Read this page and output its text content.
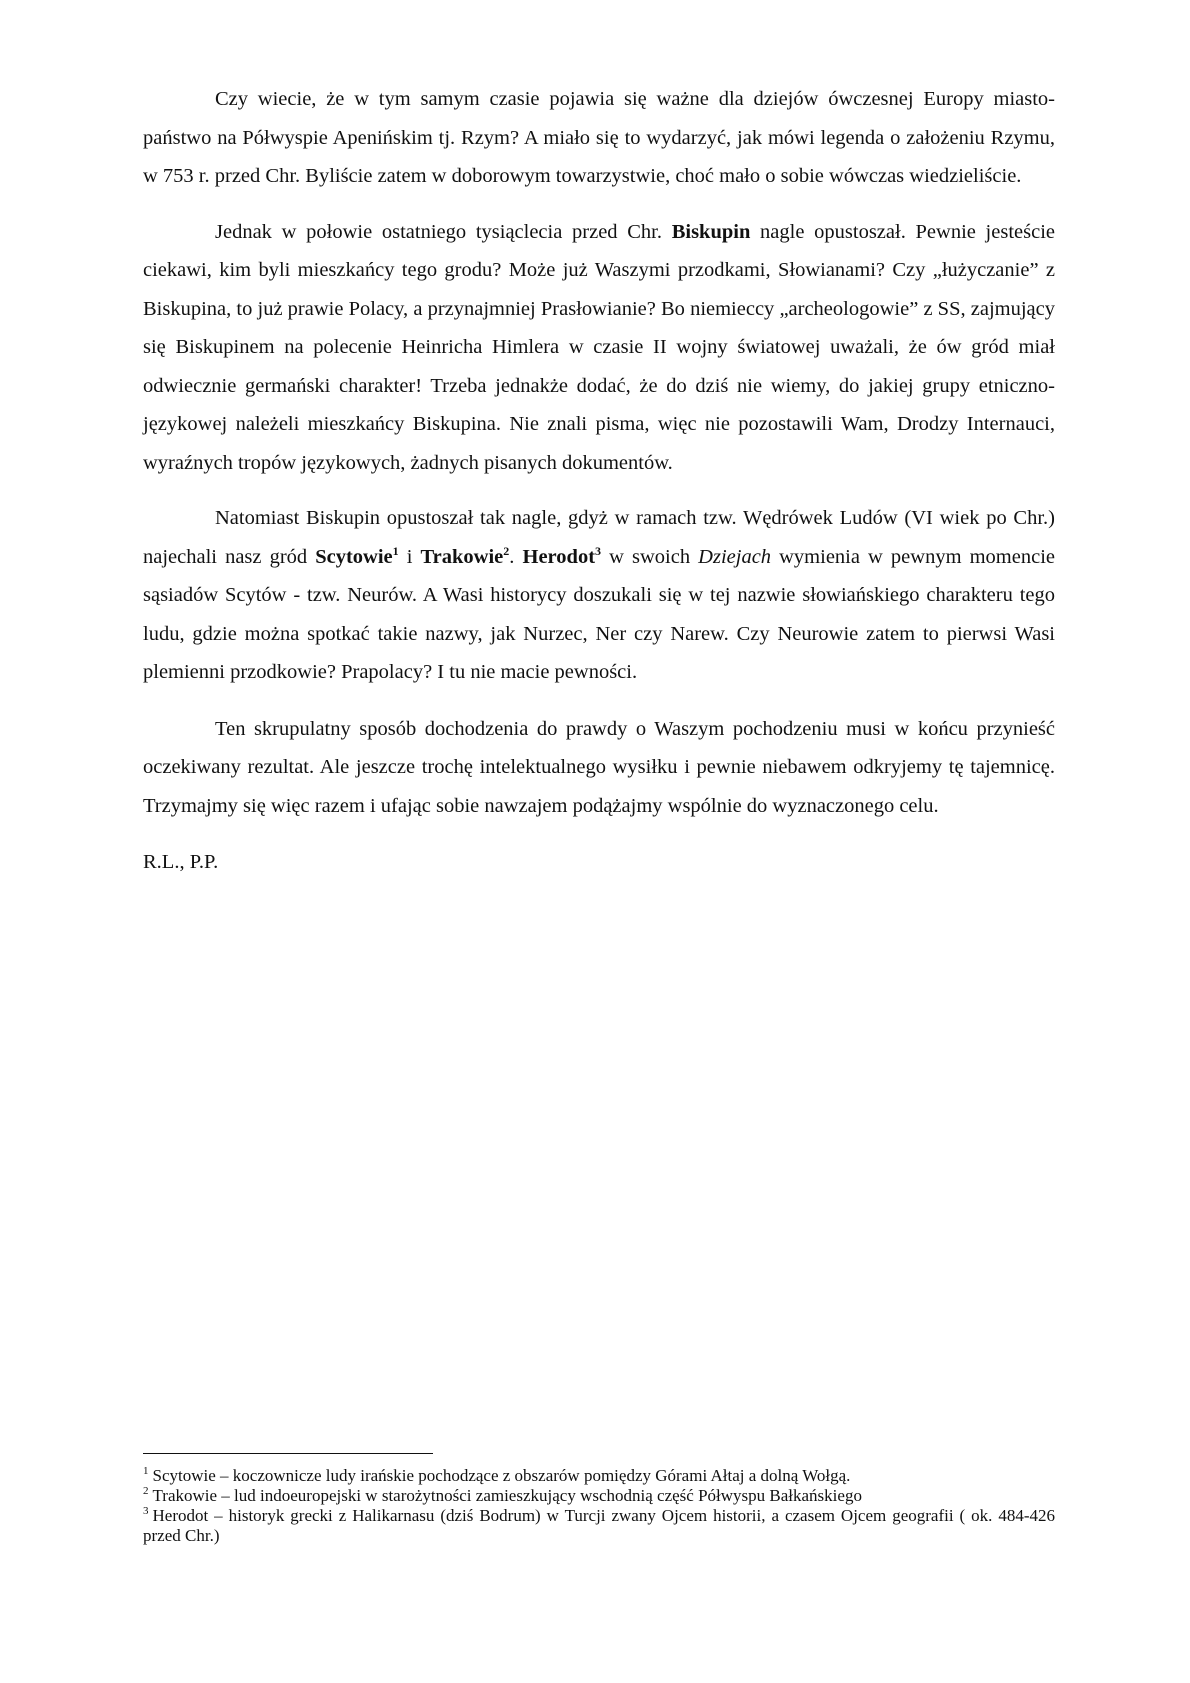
Czy wiecie, że w tym samym czasie pojawia się ważne dla dziejów ówczesnej Europy miasto-państwo na Półwyspie Apenińskim tj. Rzym? A miało się to wydarzyć, jak mówi legenda o założeniu Rzymu, w 753 r. przed Chr. Byliście zatem w doborowym towarzystwie, choć mało o sobie wówczas wiedzieliście.

Jednak w połowie ostatniego tysiąclecia przed Chr. Biskupin nagle opustoszał. Pewnie jesteście ciekawi, kim byli mieszkańcy tego grodu? Może już Waszymi przodkami, Słowianami? Czy „łużyczanie” z Biskupina, to już prawie Polacy, a przynajmniej Prasłowianie? Bo niemieccy „archeologowie” z SS, zajmujący się Biskupinem na polecenie Heinricha Himlera w czasie II wojny światowej uważali, że ów gród miał odwiecznie germański charakter! Trzeba jednakże dodać, że do dziś nie wiemy, do jakiej grupy etniczno-językowej należeli mieszkańcy Biskupina. Nie znali pisma, więc nie pozostawili Wam, Drodzy Internauci, wyraźnych tropów językowych, żadnych pisanych dokumentów.

Natomiast Biskupin opustoszał tak nagle, gdyż w ramach tzw. Wędrówek Ludów (VI wiek po Chr.) najechali nasz gród Scytowie$^1$ i Trakowie$^2$. Herodot$^3$ w swoich Dziejach wymienia w pewnym momencie sąsiadów Scytów - tzw. Neurów. A Wasi historycy doszukali się w tej nazwie słowiańskiego charakteru tego ludu, gdzie można spotkać takie nazwy, jak Nurzec, Ner czy Narew. Czy Neurowie zatem to pierwsi Wasi plemienni przodkowie? Prapolacy? I tu nie macie pewności.

Ten skrupulatny sposób dochodzenia do prawdy o Waszym pochodzeniu musi w końcu przynieść oczekiwany rezultat. Ale jeszcze trochę intelektualnego wysiłku i pewnie niebawem odkryjemy tę tajemnicę. Trzymajmy się więc razem i ufając sobie nawzajem podążajmy wspólnie do wyznaczonego celu.

R.L., P.P.

$^1$ Scytowie – koczownicze ludy irańskie pochodzące z obszarów pomiędzy Górami Ałtaj a dolną Wołgą.

$^2$ Trakowie – lud indoeuropejski w starożytności zamieszkujący wschodnią część Półwyspu Bałkańskiego

$^3$ Herodot – historyk grecki z Halikarnasu (dziś Bodrum) w Turcji zwany Ojcem historii, a czasem Ojcem geografii ( ok. 484-426 przed Chr.)
